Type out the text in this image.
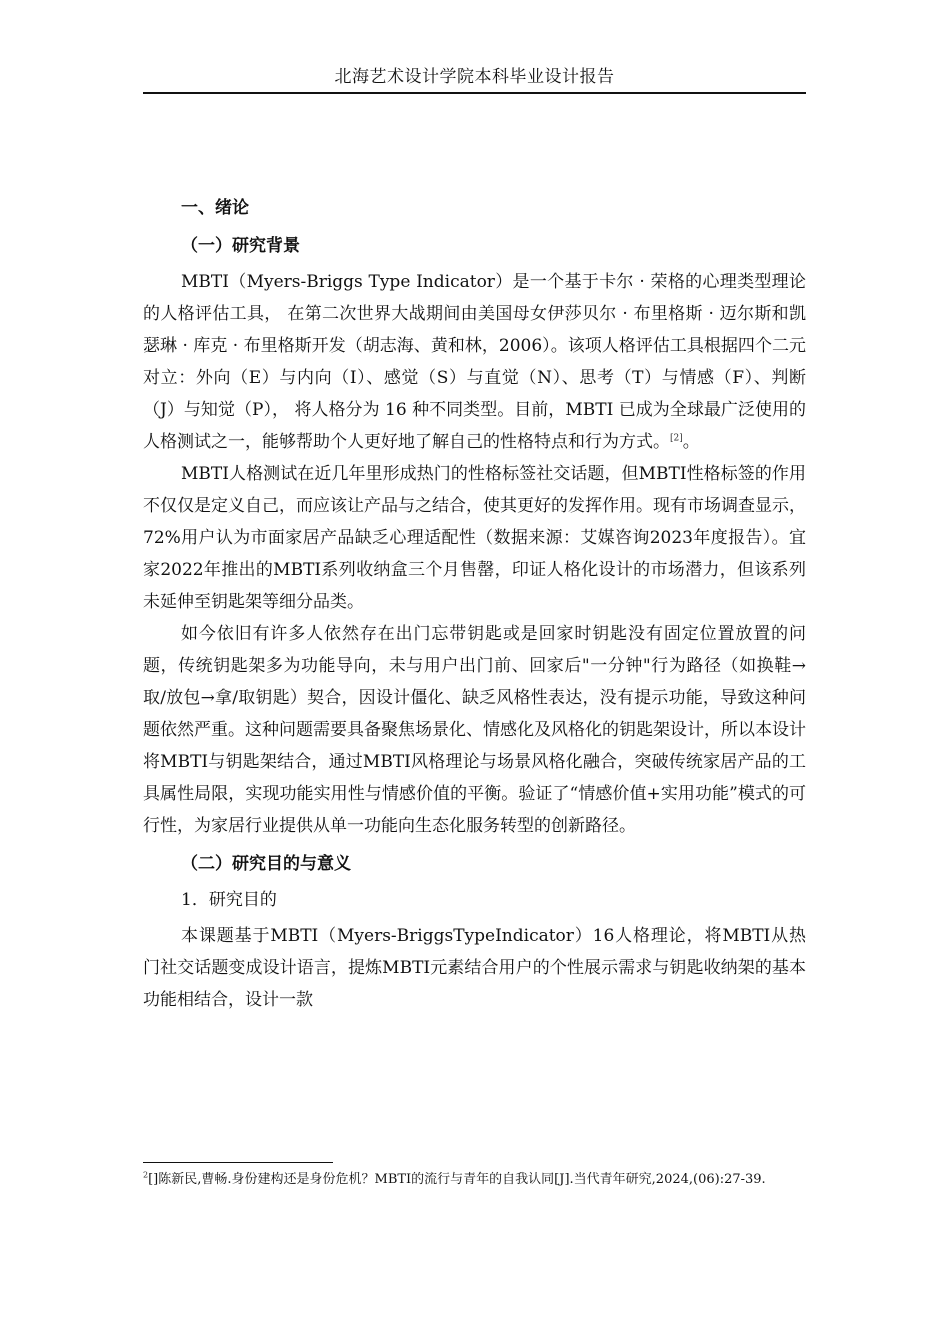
北海艺术设计学院本科毕业设计报告
一、绪论
（一）研究背景

MBTI（Myers-Briggs Type Indicator）是一个基于卡尔 · 荣格的心理类型理论的人格评估工具， 在第二次世界大战期间由美国母女伊莎贝尔 · 布里格斯 · 迈尔斯和凯瑟琳 · 库克 · 布里格斯开发（胡志海、黄和林，2006）。该项人格评估工具根据四个二元对立：外向（E）与内向（I）、感觉（S）与直觉（N）、思考（T）与情感（F）、判断（J）与知觉（P）， 将人格分为 16 种不同类型。目前，MBTI 已成为全球最广泛使用的人格测试之一，能够帮助个人更好地了解自己的性格特点和行为方式。[2]。

MBTI人格测试在近几年里形成热门的性格标签社交话题，但MBTI性格标签的作用不仅仅是定义自己，而应该让产品与之结合，使其更好的发挥作用。现有市场调查显示，72%用户认为市面家居产品缺乏心理适配性（数据来源：艾媒咨询2023年度报告）。宜家2022年推出的MBTI系列收纳盒三个月售罄，印证人格化设计的市场潜力，但该系列未延伸至钥匙架等细分品类。

如今依旧有许多人依然存在出门忘带钥匙或是回家时钥匙没有固定位置放置的问题，传统钥匙架多为功能导向，未与用户出门前、回家后"一分钟"行为路径（如换鞋→取/放包→拿/取钥匙）契合，因设计僵化、缺乏风格性表达，没有提示功能，导致这种问题依然严重。这种问题需要具备聚焦场景化、情感化及风格化的钥匙架设计，所以本设计将MBTI与钥匙架结合，通过MBTI风格理论与场景风格化融合，突破传统家居产品的工具属性局限，实现功能实用性与情感价值的平衡。验证了“情感价值+实用功能”模式的可行性，为家居行业提供从单一功能向生态化服务转型的创新路径。

（二）研究目的与意义
1．研究目的

本课题基于MBTI（Myers-BriggsTypeIndicator）16人格理论，将MBTI从热门社交话题变成设计语言，提炼MBTI元素结合用户的个性展示需求与钥匙收纳架的基本功能相结合，设计一款

$^2$[]陈新民,曹畅.身份建构还是身份危机？MBTI的流行与青年的自我认同[J].当代青年研究,2024,(06):27-39.
